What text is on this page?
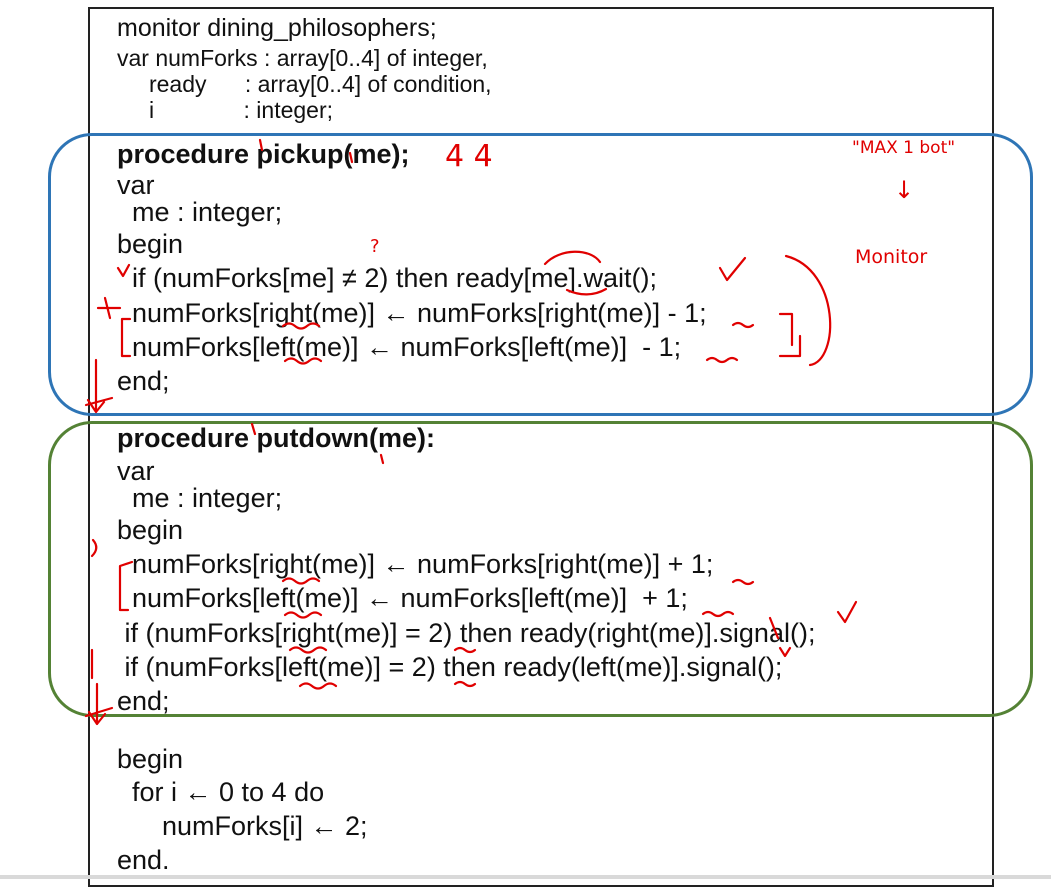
monitor dining_philosophers;
var numForks : array[0..4] of integer,
ready      : array[0..4] of condition,
i              : integer;
procedure pickup(me);
var
me : integer;
begin
if (numForks[me] ≠ 2) then ready[me].wait();
numForks[right(me)] ← numForks[right(me)] - 1;
numForks[left(me)] ← numForks[left(me)]  - 1;
end;
procedure putdown(me):
var
me : integer;
begin
numForks[right(me)] ← numForks[right(me)] + 1;
numForks[left(me)] ← numForks[left(me)]  + 1;
if (numForks[right(me)] = 2) then ready(right(me)].signal();
if (numForks[left(me)] = 2) then ready(left(me)].signal();
end;
begin
for i ← 0 to 4 do
numForks[i] ← 2;
end.
"MAX 1 bot"
↓
Monitor
4 4
?
